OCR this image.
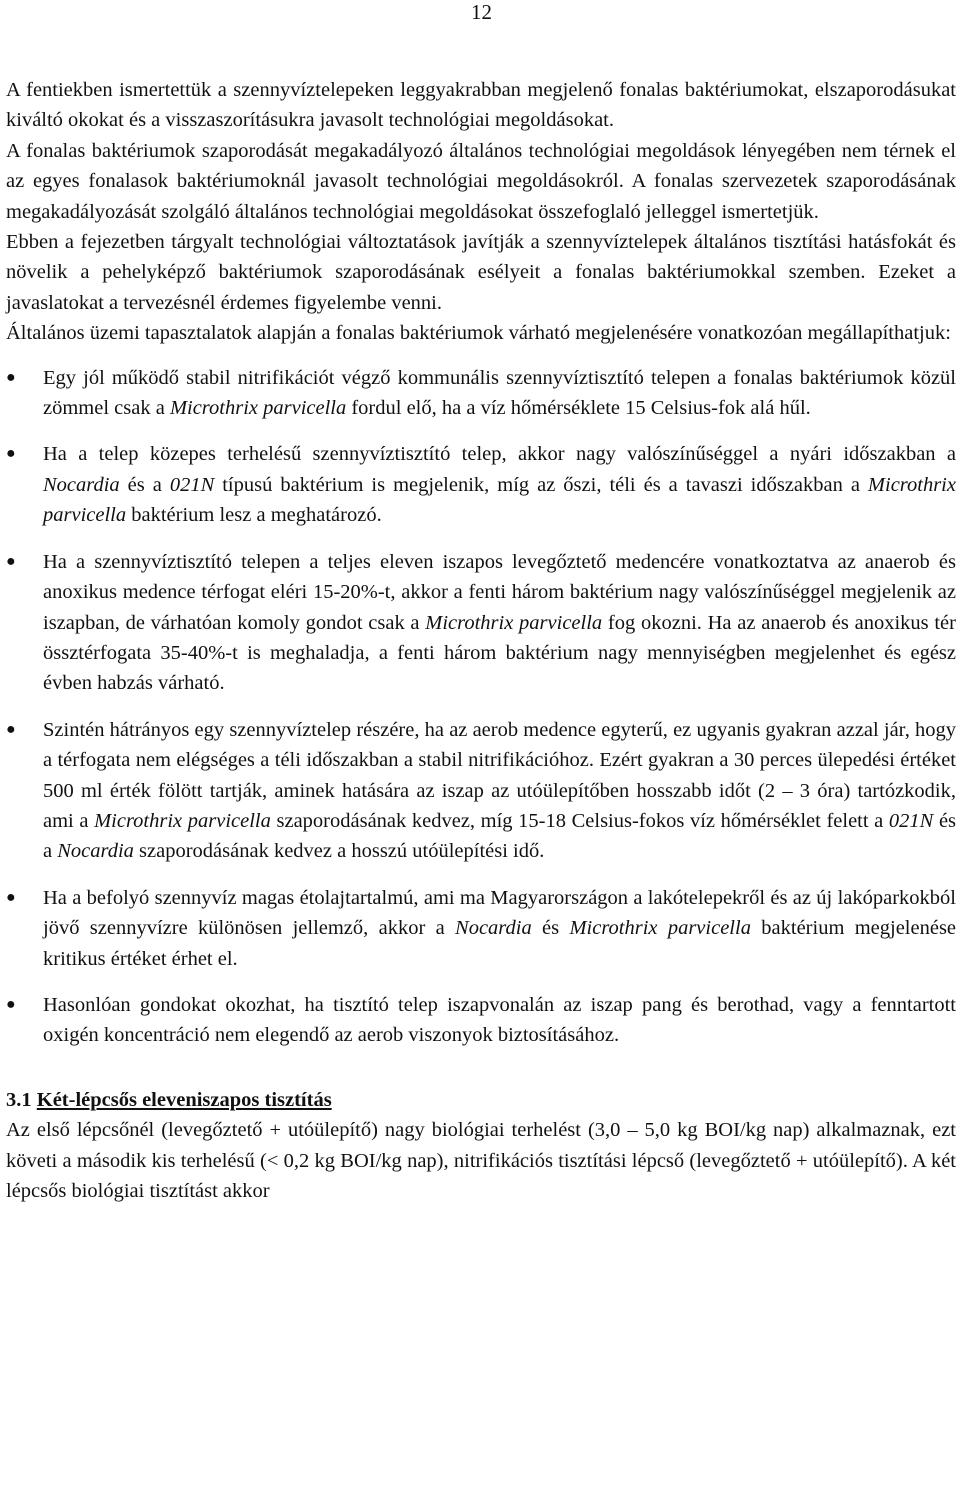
12

A fentiekben ismertettük a szennyvíztelepeken leggyakrabban megjelenő fonalas baktériumokat, elszaporodásukat kiváltó okokat és a visszaszorításukra javasolt technológiai megoldásokat.

A fonalas baktériumok szaporodását megakadályozó általános technológiai megoldások lényegében nem térnek el az egyes fonalasok baktériumoknál javasolt technológiai megoldásokról. A fonalas szervezetek szaporodásának megakadályozását szolgáló általános technológiai megoldásokat összefoglaló jelleggel ismertetjük.

Ebben a fejezetben tárgyalt technológiai változtatások javítják a szennyvíztelepek általános tisztítási hatásfokát és növelik a pehelyképző baktériumok szaporodásának esélyeit a fonalas baktériumokkal szemben. Ezeket a javaslatokat a tervezésnél érdemes figyelembe venni.

Általános üzemi tapasztalatok alapján a fonalas baktériumok várható megjelenésére vonatkozóan megállapíthatjuk:

● Egy jól működő stabil nitrifikációt végző kommunális szennyvíztisztító telepen a fonalas baktériumok közül zömmel csak a Microthrix parvicella fordul elő, ha a víz hőmérséklete 15 Celsius-fok alá hűl.
● Ha a telep közepes terhelésű szennyvíztisztító telep, akkor nagy valószínűséggel a nyári időszakban a Nocardia és a 021N típusú baktérium is megjelenik, míg az őszi, téli és a tavaszi időszakban a Microthrix parvicella baktérium lesz a meghatározó.
● Ha a szennyvíztisztító telepen a teljes eleven iszapos levegőztető medencére vonatkoztatva az anaerob és anoxikus medence térfogat eléri 15-20%-t, akkor a fenti három baktérium nagy valószínűséggel megjelenik az iszapban, de várhatóan komoly gondot csak a Microthrix parvicella fog okozni. Ha az anaerob és anoxikus tér össztérfogata 35-40%-t is meghaladja, a fenti három baktérium nagy mennyiségben megjelenhet és egész évben habzás várható.
● Szintén hátrányos egy szennyvíztelep részére, ha az aerob medence egyterű, ez ugyanis gyakran azzal jár, hogy a térfogata nem elégséges a téli időszakban a stabil nitrifikációhoz. Ezért gyakran a 30 perces ülepedési értéket 500 ml érték fölött tartják, aminek hatására az iszap az utóülepítőben hosszabb időt (2 – 3 óra) tartózkodik, ami a Microthrix parvicella szaporodásának kedvez, míg 15-18 Celsius-fokos víz hőmérséklet felett a 021N és a Nocardia szaporodásának kedvez a hosszú utóülepítési idő.
● Ha a befolyó szennyvíz magas étolajtartalmú, ami ma Magyarországon a lakótelepekről és az új lakóparkokból jövő szennyvízre különösen jellemző, akkor a Nocardia és Microthrix parvicella baktérium megjelenése kritikus értéket érhet el.
● Hasonlóan gondokat okozhat, ha tisztító telep iszapvonalán az iszap pang és berothad, vagy a fenntartott oxigén koncentráció nem elegendő az aerob viszonyok biztosításához.
3.1 Két-lépcsős eleveniszapos tisztítás

Az első lépcsőnél (levegőztető + utóülepítő) nagy biológiai terhelést (3,0 – 5,0 kg BOI/kg nap) alkalmaznak, ezt követi a második kis terhelésű (< 0,2 kg BOI/kg nap), nitrifikációs tisztítási lépcső (levegőztető + utóülepítő). A két lépcsős biológiai tisztítást akkor
